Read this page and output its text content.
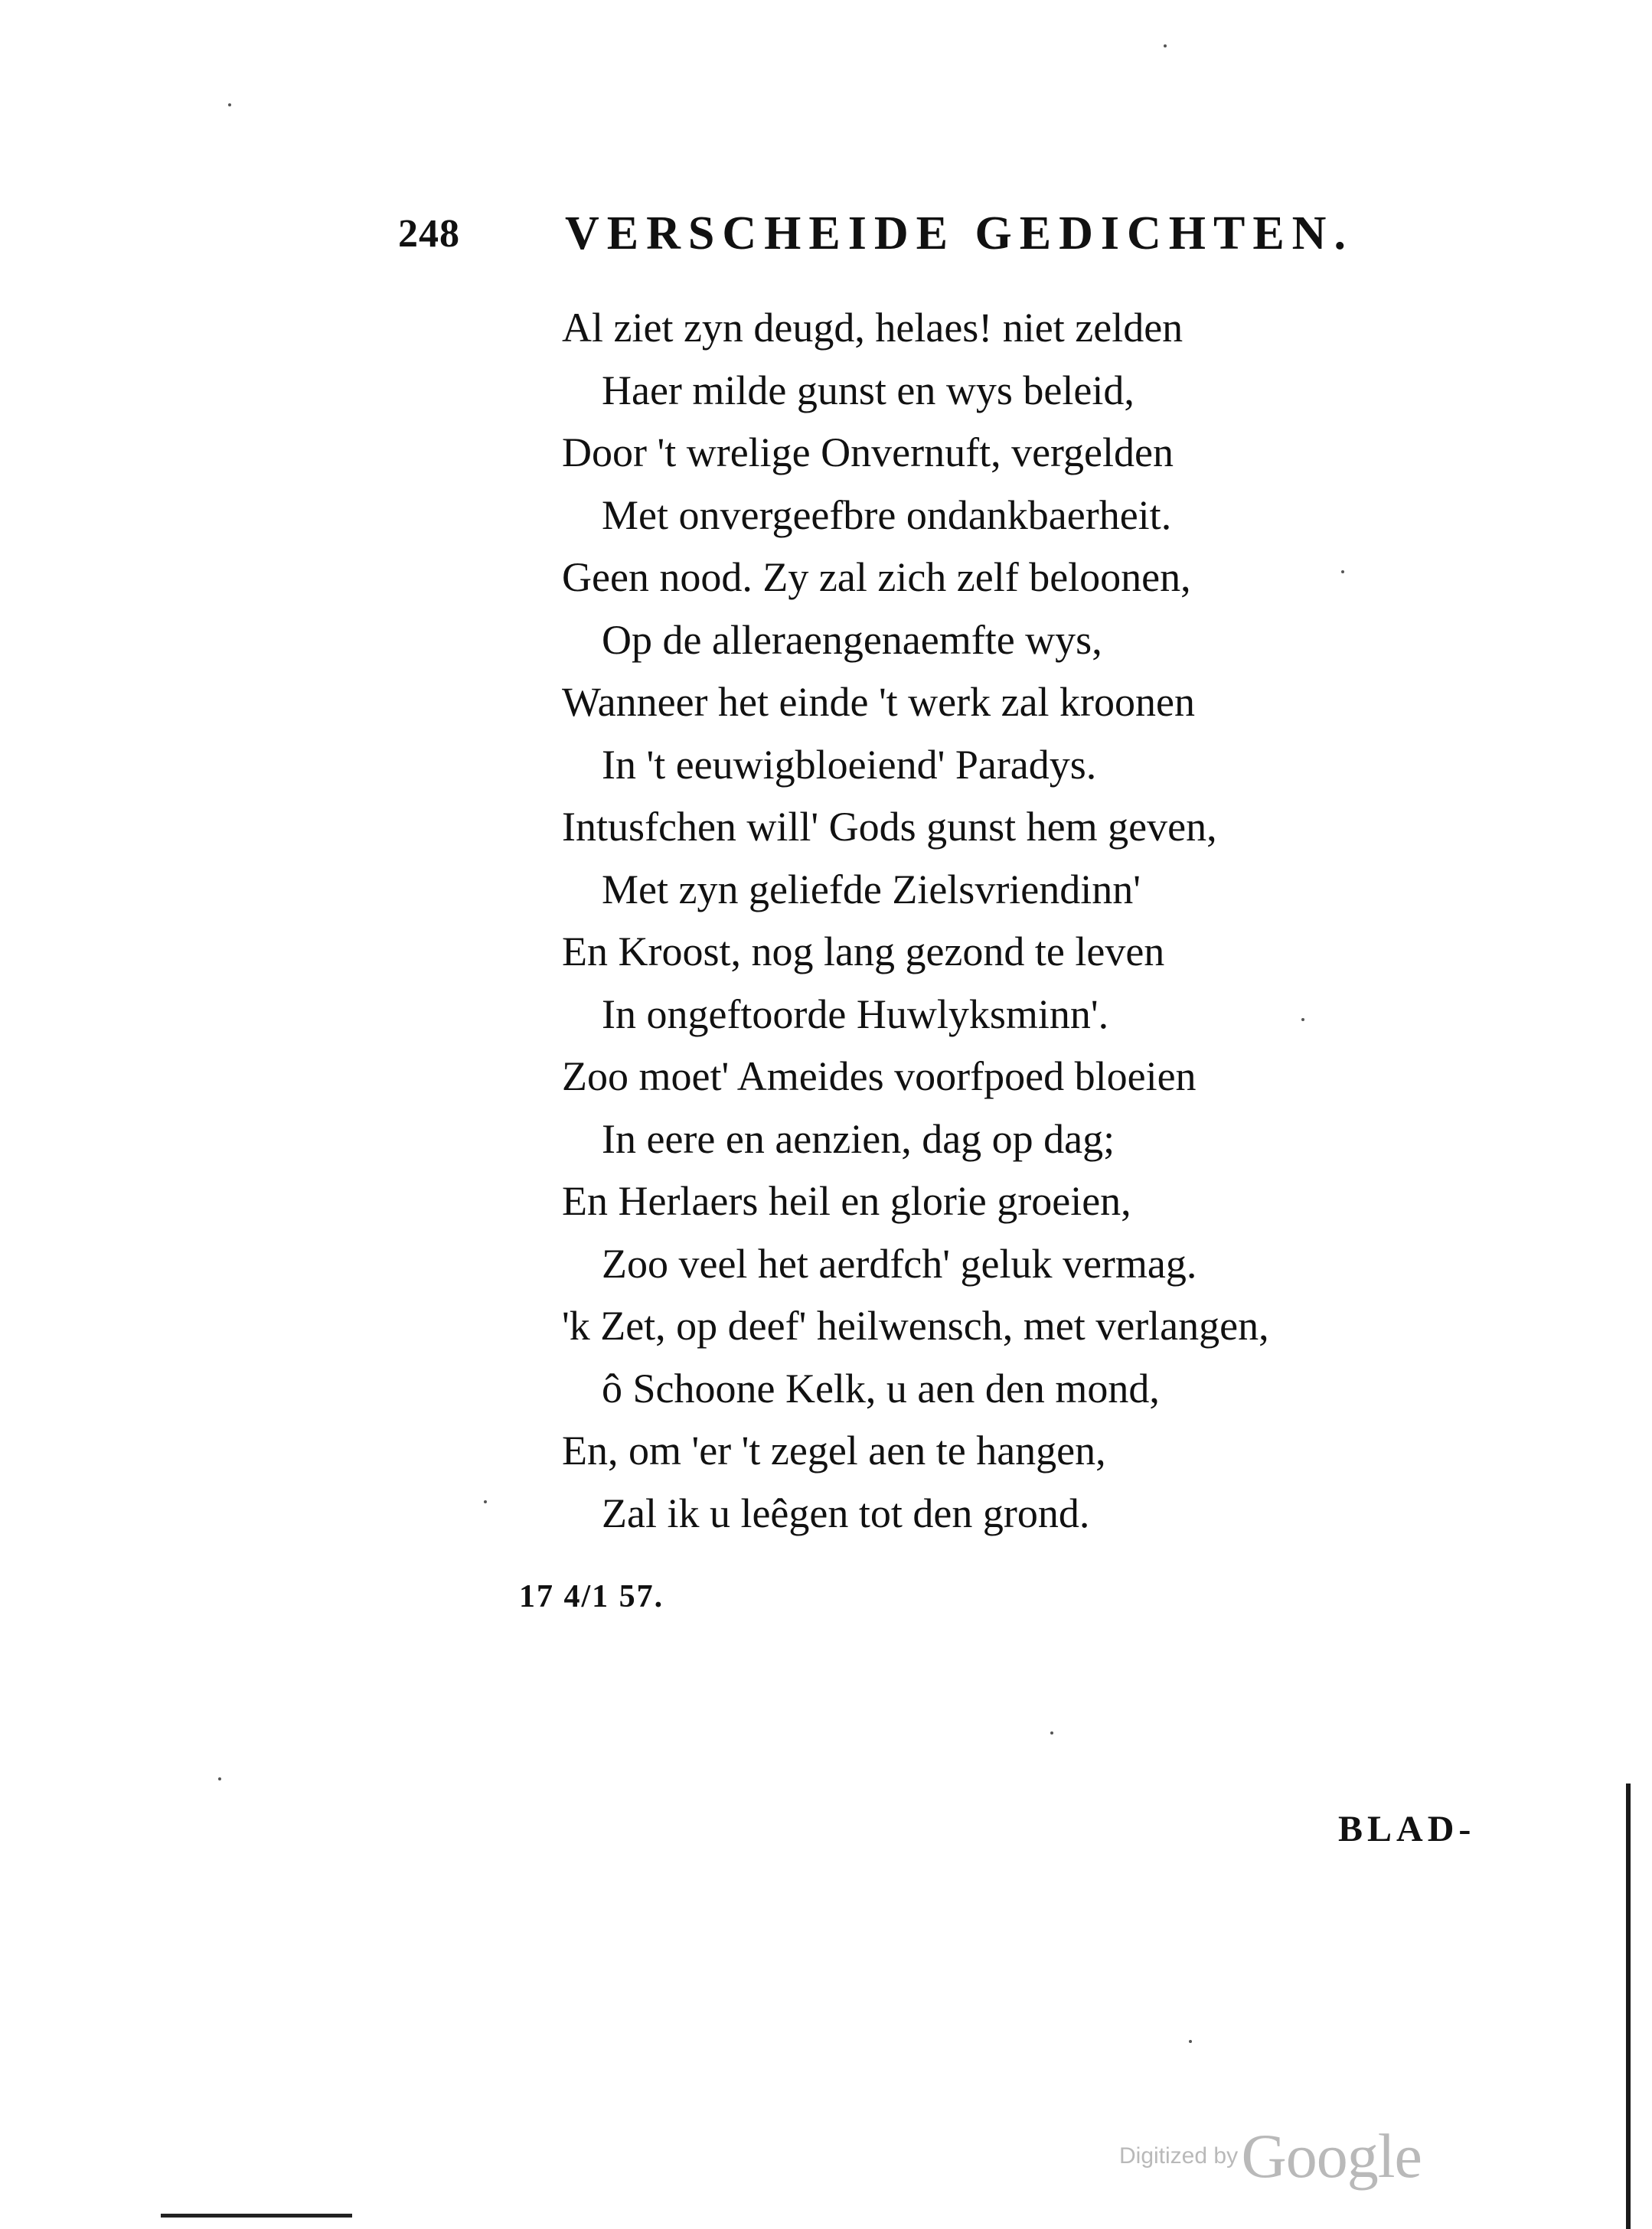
248 VERSCHEIDE GEDICHTEN.
Al ziet zyn deugd, helaes! niet zelden
Haer milde gunst en wys beleid,
Door 't wrelige Onvernuft, vergelden
Met onvergeefbre ondankbaerheit.
Geen nood. Zy zal zich zelf beloonen,
Op de alleraengenaemfte wys,
Wanneer het einde 't werk zal kroonen
In 't eeuwigbloeiend' Paradys.
Intusfchen will' Gods gunst hem geven,
Met zyn geliefde Zielsvriendinn'
En Kroost, nog lang gezond te leven
In ongeftoorde Huwlyksminn'.
Zoo moet' Ameides voorfpoed bloeien
In eere en aenzien, dag op dag;
En Herlaers heil en glorie groeien,
Zoo veel het aerdfch' geluk vermag.
'k Zet, op deef' heilwensch, met verlangen,
ô Schoone Kelk, u aen den mond,
En, om 'er 't zegel aen te hangen,
Zal ik u leêgen tot den grond.
17 4/1 57.
BLAD-
Digitized by Google
